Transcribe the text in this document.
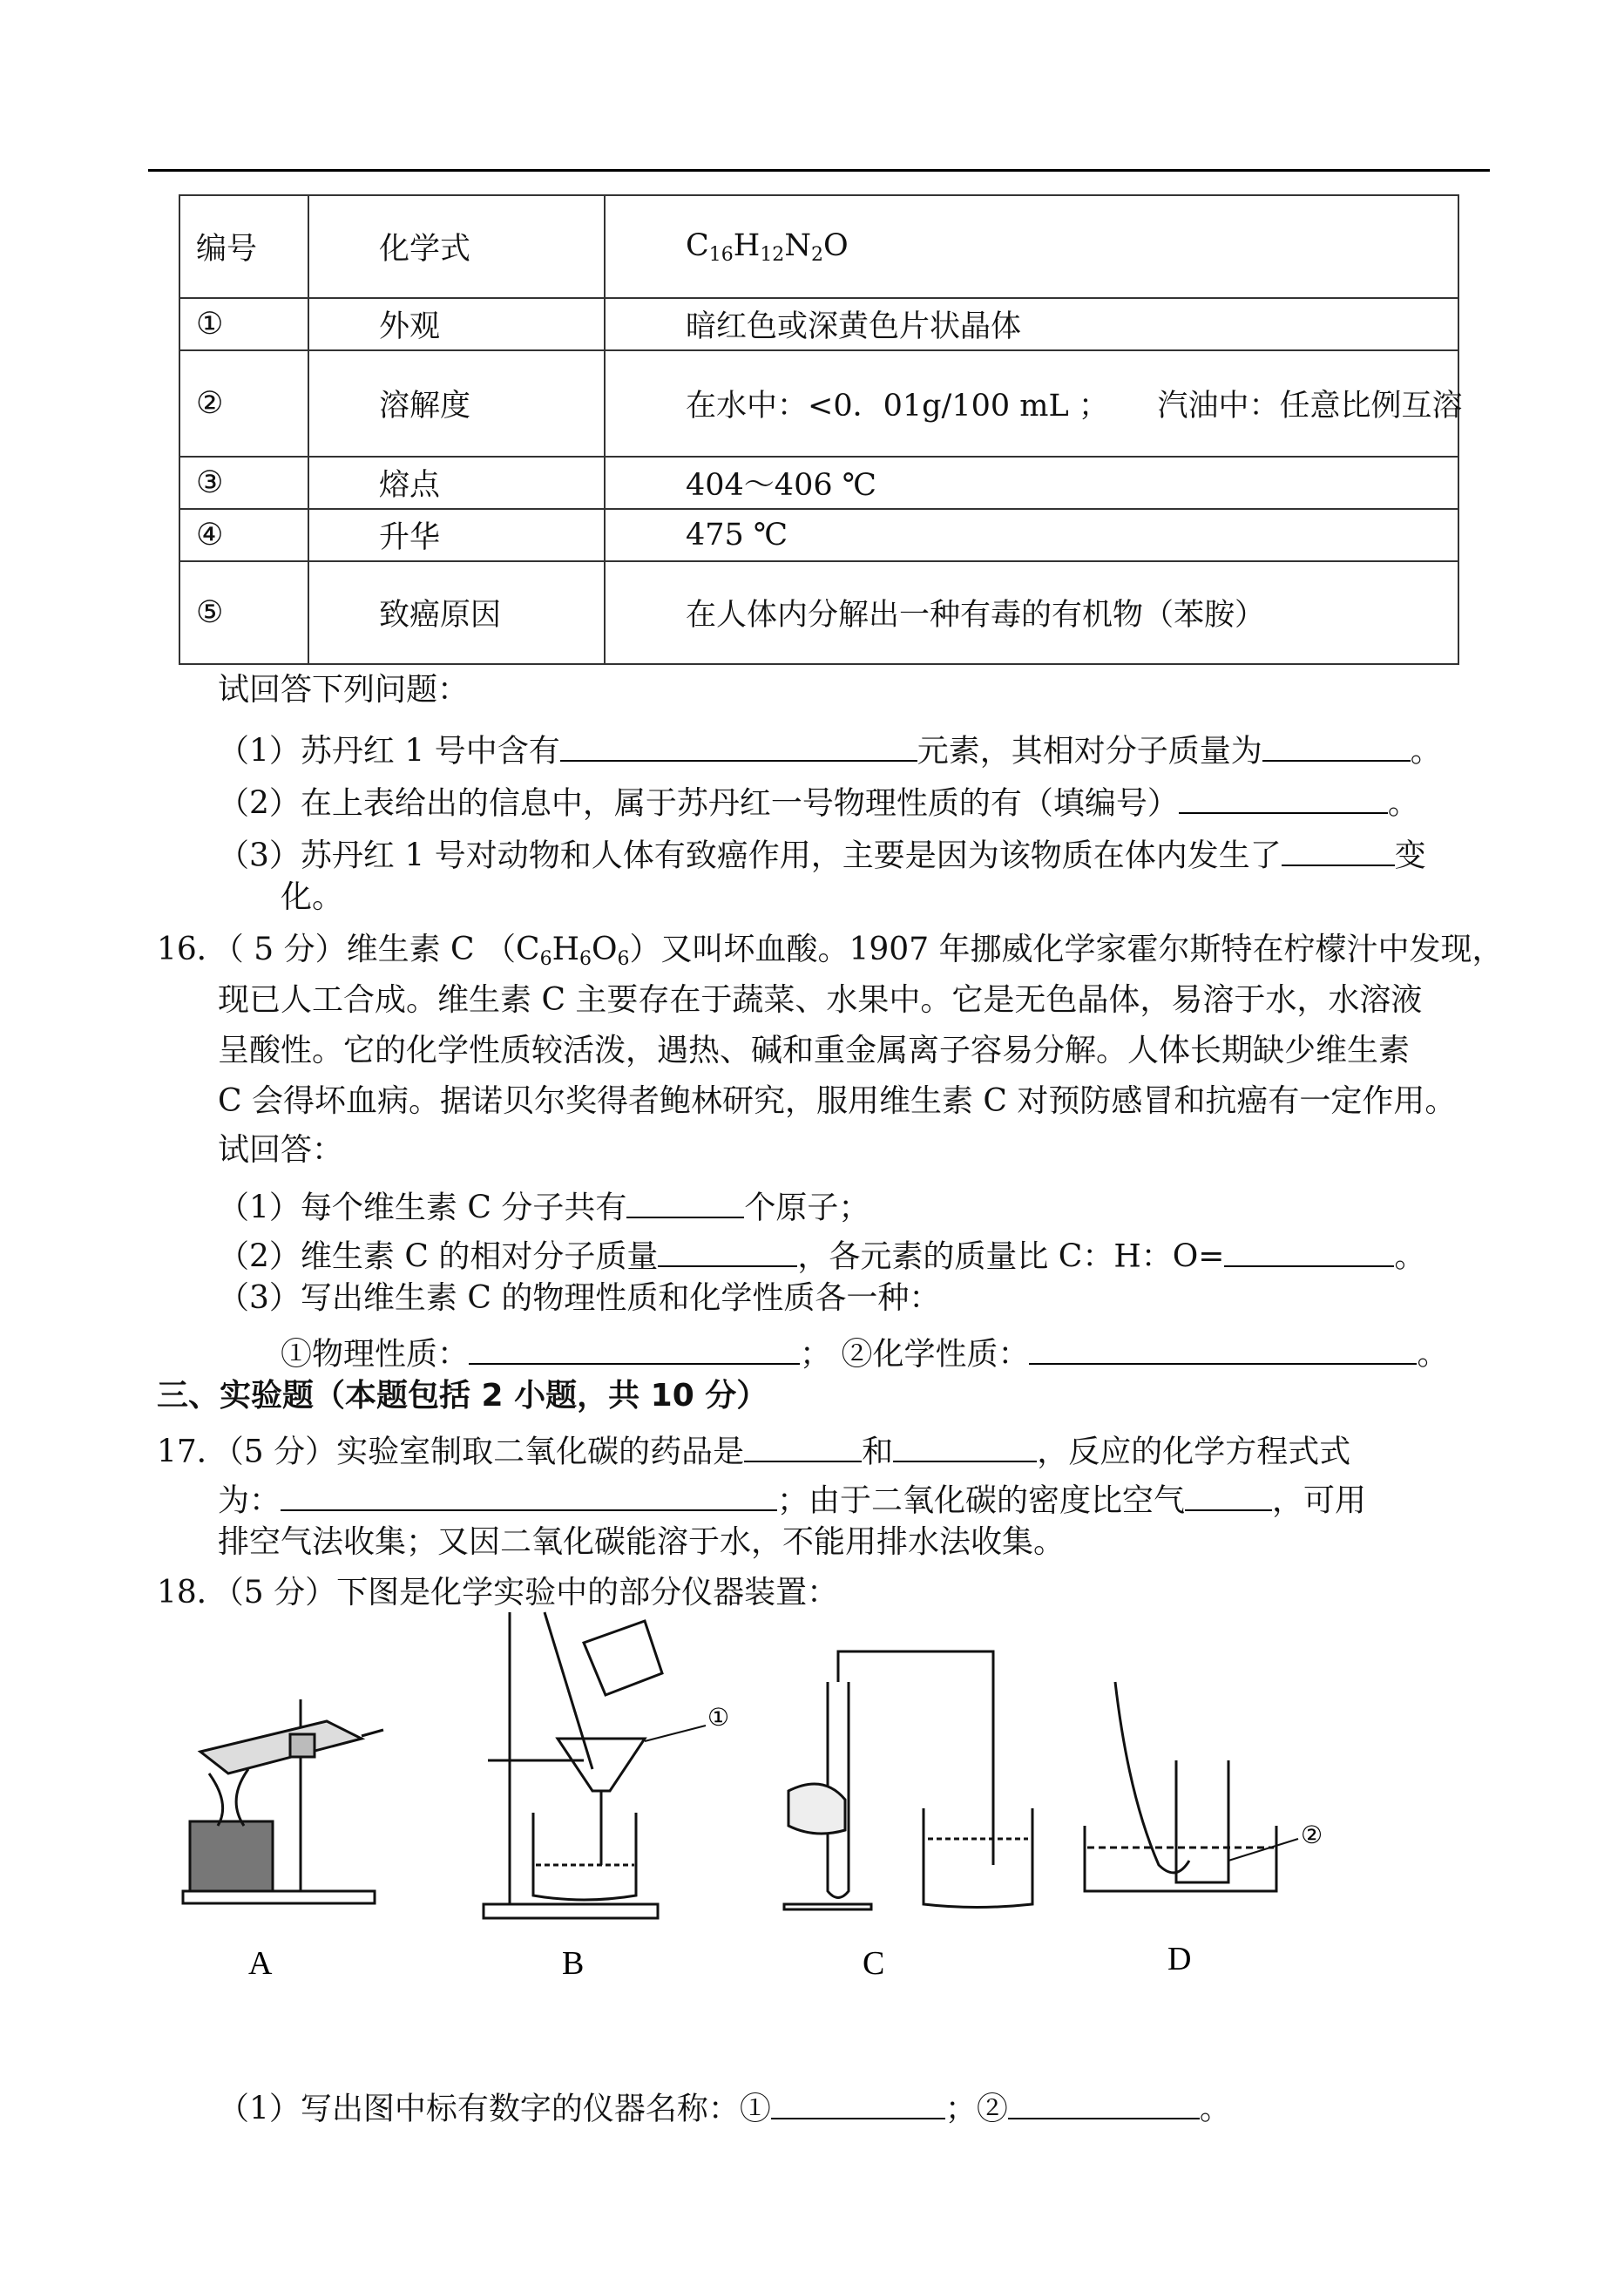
编号	化学式	$C_{16}H_{12}N_2O$
①	外观	暗红色或深黄色片状晶体
②	溶解度	在水中：<0．01g/100 mL ；     汽油中：任意比例互溶
③	熔点	404～406 ℃
④	升华	475 ℃
⑤	致癌原因	在人体内分解出一种有毒的有机物（苯胺）
试回答下列问题：
（1）苏丹红 1 号中含有	元素，其相对分子质量为	。
（2）在上表给出的信息中，属于苏丹红一号物理性质的有（填编号）	。
（3）苏丹红 1 号对动物和人体有致癌作用，主要是因为该物质在体内发生了	变
化。
16．（ 5 分）维生素 C $(C_6H_6O_6)$又叫坏血酸。1907 年挪威化学家霍尔斯特在柠檬汁中发现，
现已人工合成。维生素 C 主要存在于蔬菜、水果中。它是无色晶体，易溶于水，水溶液
呈酸性。它的化学性质较活泼，遇热、碱和重金属离子容易分解。人体长期缺少维生素
C 会得坏血病。据诺贝尔奖得者鲍林研究，服用维生素 C 对预防感冒和抗癌有一定作用。
试回答：
（1）每个维生素 C 分子共有	个原子；
（2）维生素 C 的相对分子质量	，各元素的质量比 C：H：O=	。
（3）写出维生素 C 的物理性质和化学性质各一种：
①物理性质：	； ②化学性质：	。
三、实验题（本题包括 2 小题，共 10 分）
17．（5 分）实验室制取二氧化碳的药品是	和	，反应的化学方程式式
为：	；由于二氧化碳的密度比空气	，可用
排空气法收集；又因二氧化碳能溶于水，不能用排水法收集。
18．（5 分）下图是化学实验中的部分仪器装置：
①
②
A	B	C	D
（1）写出图中标有数字的仪器名称：①	；②	。
